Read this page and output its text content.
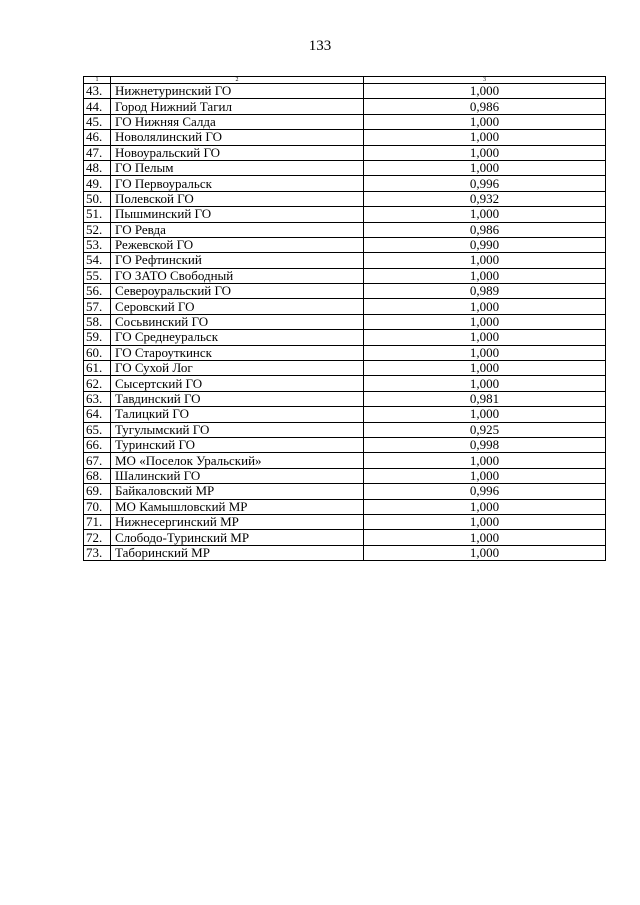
133
1	2	3
43.	Нижнетуринский ГО	1,000
44.	Город Нижний Тагил	0,986
45.	ГО Нижняя Салда	1,000
46.	Новолялинский ГО	1,000
47.	Новоуральский ГО	1,000
48.	ГО Пелым	1,000
49.	ГО Первоуральск	0,996
50.	Полевской ГО	0,932
51.	Пышминский ГО	1,000
52.	ГО Ревда	0,986
53.	Режевской ГО	0,990
54.	ГО Рефтинский	1,000
55.	ГО ЗАТО Свободный	1,000
56.	Североуральский ГО	0,989
57.	Серовский ГО	1,000
58.	Сосьвинский ГО	1,000
59.	ГО Среднеуральск	1,000
60.	ГО Староуткинск	1,000
61.	ГО Сухой Лог	1,000
62.	Сысертский ГО	1,000
63.	Тавдинский ГО	0,981
64.	Талицкий ГО	1,000
65.	Тугулымский ГО	0,925
66.	Туринский ГО	0,998
67.	МО «Поселок Уральский»	1,000
68.	Шалинский ГО	1,000
69.	Байкаловский МР	0,996
70.	МО Камышловский МР	1,000
71.	Нижнесергинский МР	1,000
72.	Слободо-Туринский МР	1,000
73.	Таборинский МР	1,000
